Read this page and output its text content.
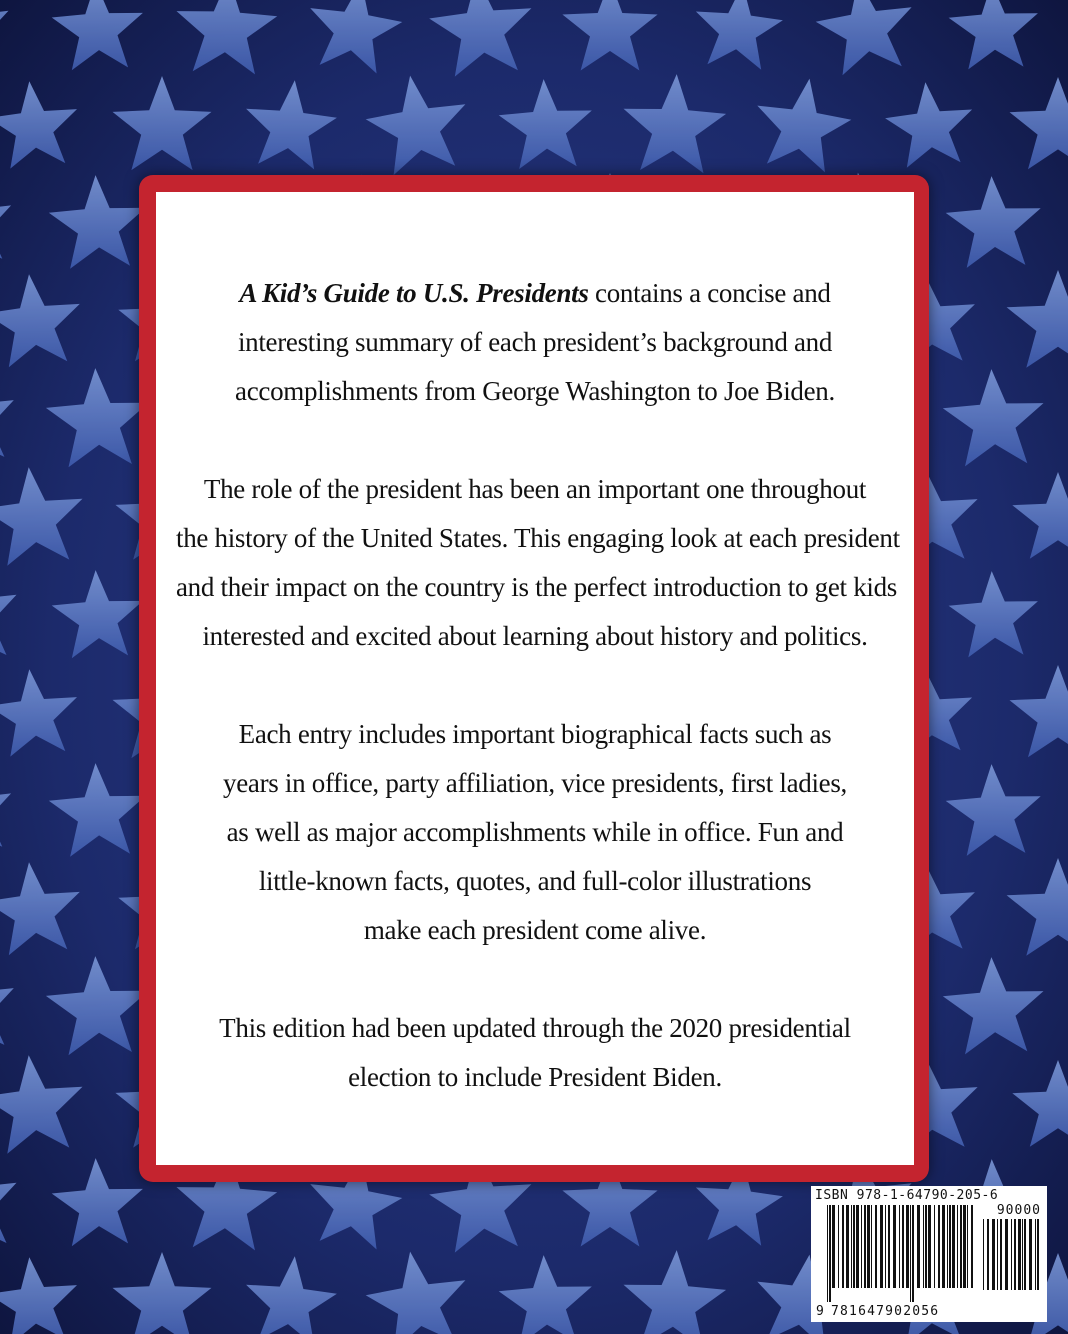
A Kid’s Guide to U.S. Presidents contains a concise and
interesting summary of each president’s background and
accomplishments from George Washington to Joe Biden.

The role of the president has been an important one throughout
the history of the United States. This engaging look at each president
and their impact on the country is the perfect introduction to get kids
interested and excited about learning about history and politics.

Each entry includes important biographical facts such as
years in office, party affiliation, vice presidents, first ladies,
as well as major accomplishments while in office. Fun and
little-known facts, quotes, and full-color illustrations
make each president come alive.

This edition had been updated through the 2020 presidential
election to include President Biden.

ISBN 978-1-64790-205-6
90000
9 781647902056
